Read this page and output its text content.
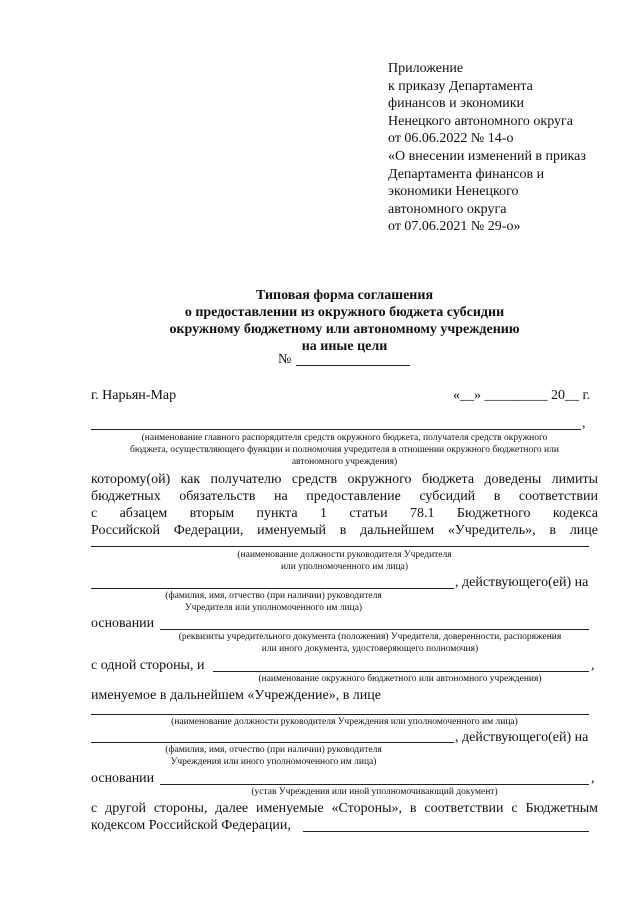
Приложение
к приказу Департамента
финансов и экономики
Ненецкого автономного округа
от 06.06.2022 № 14-о
«О внесении изменений в приказ
Департамента финансов и
экономики Ненецкого
автономного округа
от 07.06.2021 № 29-о»
Типовая форма соглашения
о предоставлении из окружного бюджета субсидии
окружному бюджетному или автономному учреждению
на иные цели
№
г. Нарьян-Мар	«__» _________ 20__ г.
,
(наименование главного распорядителя средств окружного бюджета, получателя средств окружного
бюджета, осуществляющего функции и полномочия учредителя в отношении окружного бюджетного или
автономного учреждения)
которому(ой) как получателю средств окружного бюджета доведены лимиты
бюджетных обязательств на предоставление субсидий в соответствии
с абзацем вторым пункта 1 статьи 78.1 Бюджетного кодекса
Российской Федерации, именуемый в дальнейшем «Учредитель», в лице
(наименование должности руководителя Учредителя
или уполномоченного им лица)
, действующего(ей) на
(фамилия, имя, отчество (при наличии) руководителя
Учредителя или уполномоченного им лица)
основании
(реквизиты учредительного документа (положения) Учредителя, доверенности, распоряжения
или иного документа, удостоверяющего полномочия)
с одной стороны, и	,
(наименование окружного бюджетного или автономного учреждения)
именуемое в дальнейшем «Учреждение», в лице
(наименование должности руководителя Учреждения или уполномоченного им лица)
, действующего(ей) на
(фамилия, имя, отчество (при наличии) руководителя
Учреждения или иного уполномоченного им лица)
основании	,
(устав Учреждения или иной уполномочивающий документ)
с другой стороны, далее именуемые «Стороны», в соответствии с Бюджетным
кодексом Российской Федерации,
